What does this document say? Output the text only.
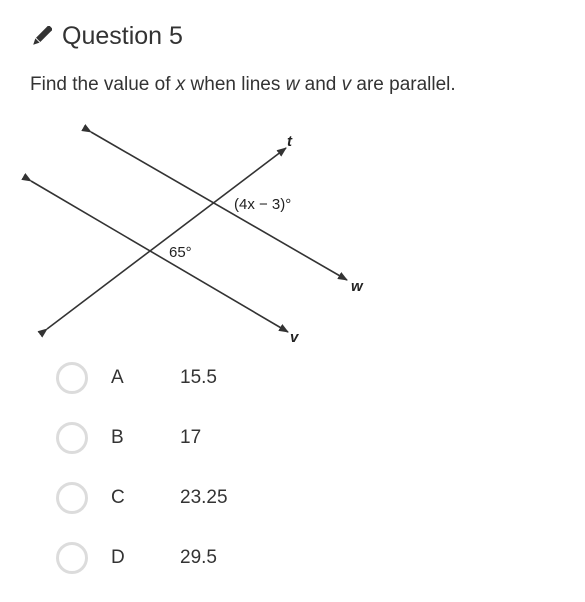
Question 5
Find the value of x when lines w and v are parallel.
t
w
v
(4x − 3)°
65°
A	15.5
B	17
C	23.25
D	29.5
